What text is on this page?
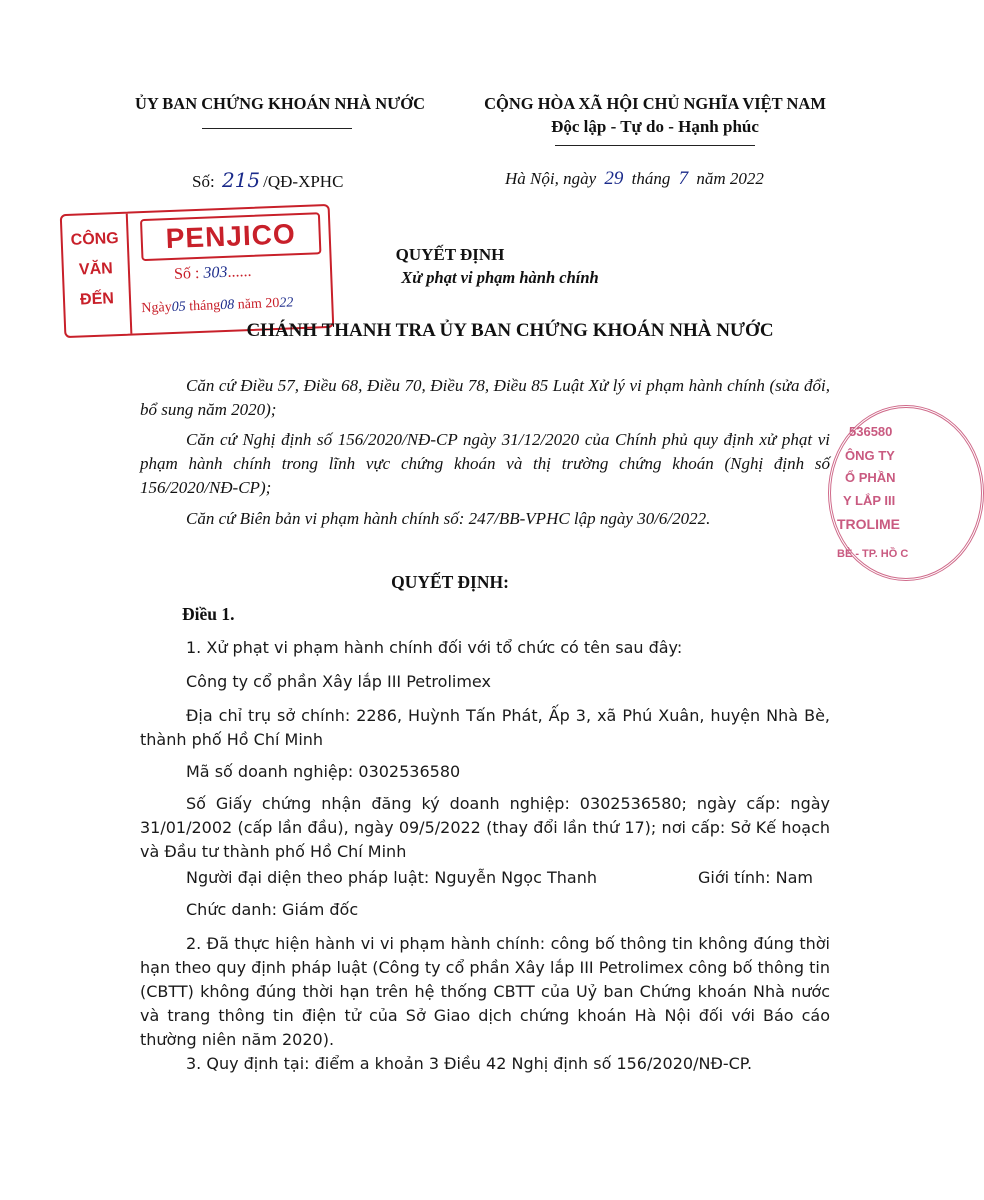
ỦY BAN CHỨNG KHOÁN NHÀ NƯỚC	CỘNG HÒA XÃ HỘI CHỦ NGHĨA VIỆT NAM
Độc lập - Tự do - Hạnh phúc
Số: 215 /QĐ-XPHC	Hà Nội, ngày 29 tháng 7 năm 2022
CÔNG
VĂN
ĐẾN
PENJICO
Số : 303......
Ngày05 tháng08 năm 2022
536580
ÔNG TY
Ổ PHẦN
Y LẮP III
TROLIME
BÈ - TP. HỒ C
QUYẾT ĐỊNH
Xử phạt vi phạm hành chính
CHÁNH THANH TRA ỦY BAN CHỨNG KHOÁN NHÀ NƯỚC
Căn cứ Điều 57, Điều 68, Điều 70, Điều 78, Điều 85 Luật Xử lý vi phạm hành chính (sửa đổi, bổ sung năm 2020);
Căn cứ Nghị định số 156/2020/NĐ-CP ngày 31/12/2020 của Chính phủ quy định xử phạt vi phạm hành chính trong lĩnh vực chứng khoán và thị trường chứng khoán (Nghị định số 156/2020/NĐ-CP);
Căn cứ Biên bản vi phạm hành chính số: 247/BB-VPHC lập ngày 30/6/2022.
QUYẾT ĐỊNH:
Điều 1.
1. Xử phạt vi phạm hành chính đối với tổ chức có tên sau đây:
Công ty cổ phần Xây lắp III Petrolimex
Địa chỉ trụ sở chính: 2286, Huỳnh Tấn Phát, Ấp 3, xã Phú Xuân, huyện Nhà Bè, thành phố Hồ Chí Minh
Mã số doanh nghiệp: 0302536580
Số Giấy chứng nhận đăng ký doanh nghiệp: 0302536580; ngày cấp: ngày 31/01/2002 (cấp lần đầu), ngày 09/5/2022 (thay đổi lần thứ 17); nơi cấp: Sở Kế hoạch và Đầu tư thành phố Hồ Chí Minh
Người đại diện theo pháp luật: Nguyễn Ngọc Thanh	Giới tính: Nam
Chức danh: Giám đốc
2. Đã thực hiện hành vi vi phạm hành chính: công bố thông tin không đúng thời hạn theo quy định pháp luật (Công ty cổ phần Xây lắp III Petrolimex công bố thông tin (CBTT) không đúng thời hạn trên hệ thống CBTT của Uỷ ban Chứng khoán Nhà nước và trang thông tin điện tử của Sở Giao dịch chứng khoán Hà Nội đối với Báo cáo thường niên năm 2020).
3. Quy định tại: điểm a khoản 3 Điều 42 Nghị định số 156/2020/NĐ-CP.
